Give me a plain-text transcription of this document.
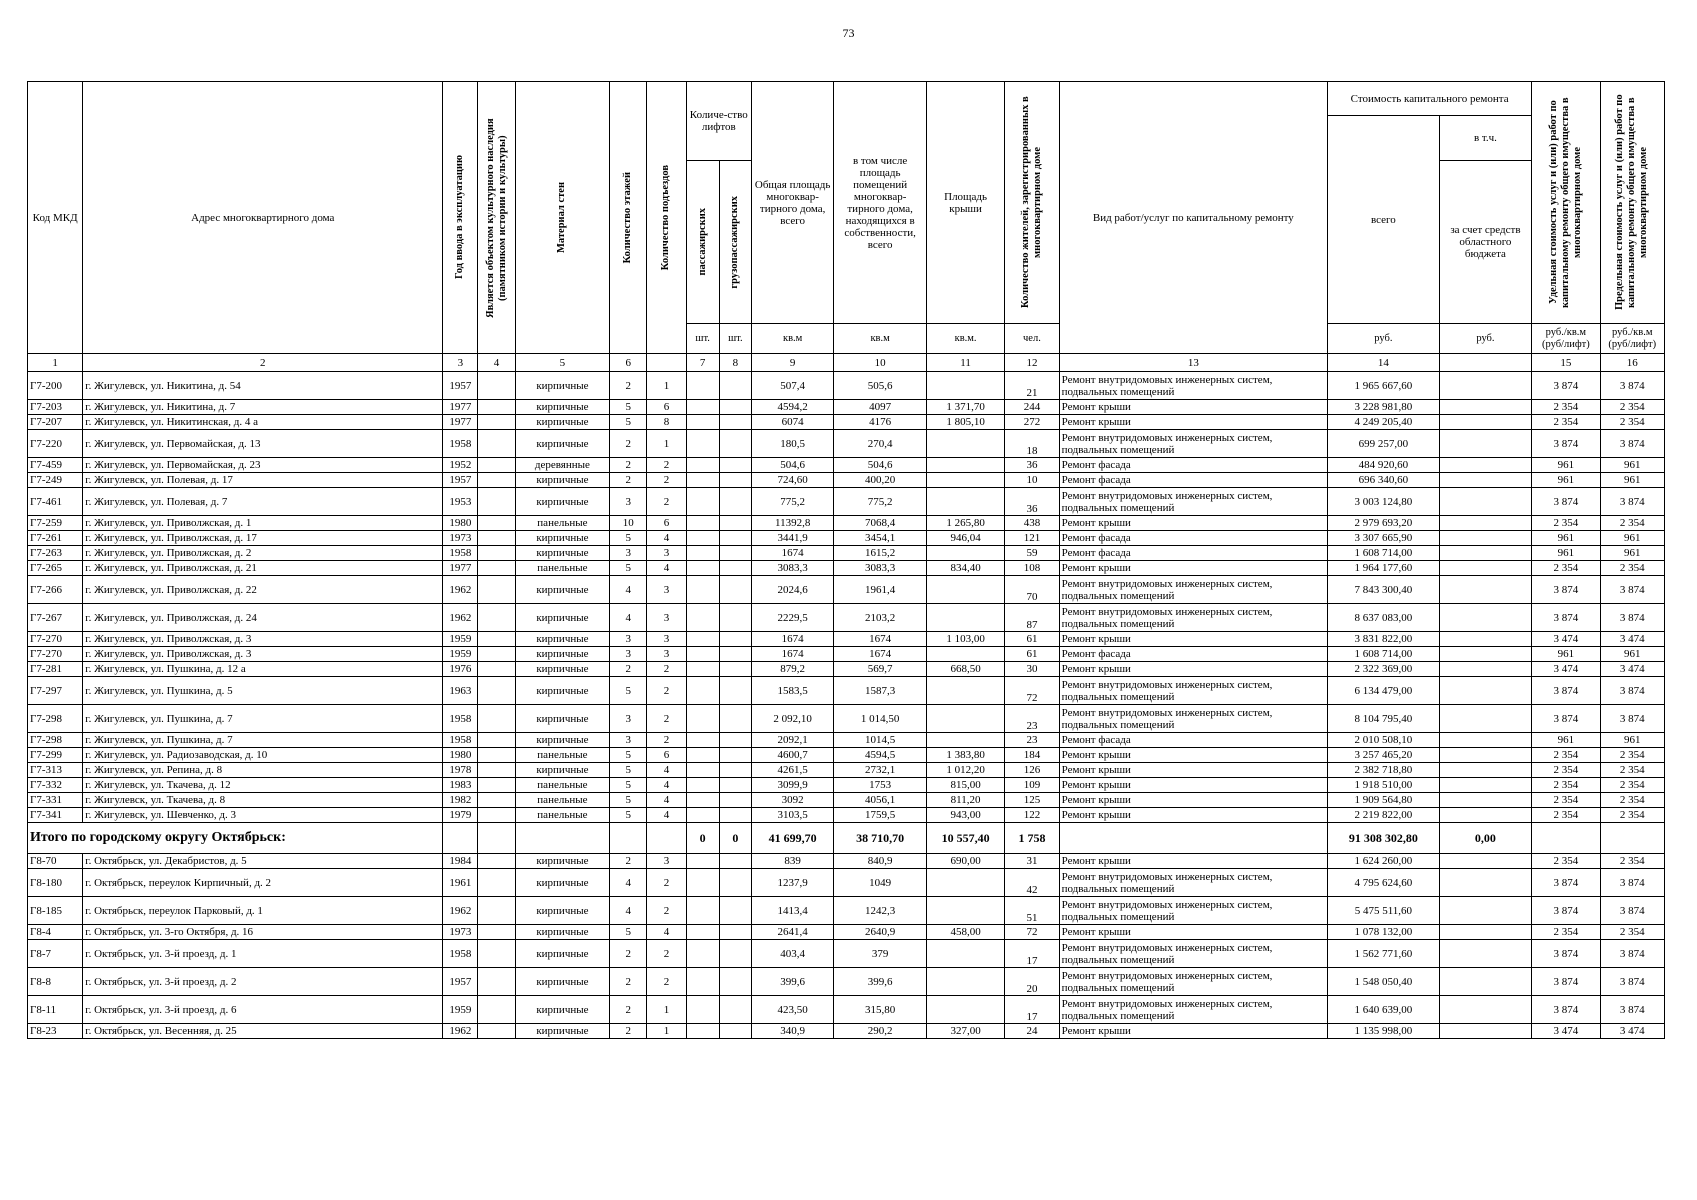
73
Код МКД	Адрес многоквартирного дома	Год ввода в эксплуатацию	Является объектом культурного наследия (памятником истории и культуры)	Материал стен	Количество этажей	Количество подъездов	Количе-ство лифтов		Общая площадь многоквар-тирного дома, всего	в том числе площадь помещений многоквар-тирного дома, находящихся в собственности, всего	Площадь крыши	Количество жителей, зарегистрированных в многоквартирном доме	Вид работ/услуг по капитальному ремонту	Стоимость капитального ремонта		Удельная стоимость услуг и (или) работ по капитальному ремонту общего имущества в многоквартирном доме	Предельная стоимость услуг и (или) работ по капитальному ремонту общего имущества в многоквартирном доме

														всего	в т.ч.		

							пассажирских	грузопассажирских							за счет средств областного бюджета		
							шт.	шт.	кв.м	кв.м	кв.м.	чел.		руб.	руб.	руб./кв.м (руб/лифт)	руб./кв.м (руб/лифт)
1	2	3	4	5	6		7	8	9	10	11	12	13	14		15	16
Г7-200	г. Жигулевск, ул. Никитина, д. 54	1957		кирпичные	2	1			507,4	505,6		21	Ремонт внутридомовых инженерных систем, подвальных помещений	1 965 667,60		3 874	3 874
Г7-203	г. Жигулевск, ул. Никитина, д. 7	1977		кирпичные	5	6			4594,2	4097	1 371,70	244	Ремонт крыши	3 228 981,80		2 354	2 354
Г7-207	г. Жигулевск, ул. Никитинская, д. 4 а	1977		кирпичные	5	8			6074	4176	1 805,10	272	Ремонт крыши	4 249 205,40		2 354	2 354
Г7-220	г. Жигулевск, ул. Первомайская, д. 13	1958		кирпичные	2	1			180,5	270,4		18	Ремонт внутридомовых инженерных систем, подвальных помещений	699 257,00		3 874	3 874
Г7-459	г. Жигулевск, ул. Первомайская, д. 23	1952		деревянные	2	2			504,6	504,6		36	Ремонт фасада	484 920,60		961	961
Г7-249	г. Жигулевск, ул. Полевая, д. 17	1957		кирпичные	2	2			724,60	400,20		10	Ремонт фасада	696 340,60		961	961
Г7-461	г. Жигулевск, ул. Полевая, д. 7	1953		кирпичные	3	2			775,2	775,2		36	Ремонт внутридомовых инженерных систем, подвальных помещений	3 003 124,80		3 874	3 874
Г7-259	г. Жигулевск, ул. Приволжская, д. 1	1980		панельные	10	6			11392,8	7068,4	1 265,80	438	Ремонт крыши	2 979 693,20		2 354	2 354
Г7-261	г. Жигулевск, ул. Приволжская, д. 17	1973		кирпичные	5	4			3441,9	3454,1	946,04	121	Ремонт фасада	3 307 665,90		961	961
Г7-263	г. Жигулевск, ул. Приволжская, д. 2	1958		кирпичные	3	3			1674	1615,2		59	Ремонт фасада	1 608 714,00		961	961
Г7-265	г. Жигулевск, ул. Приволжская, д. 21	1977		панельные	5	4			3083,3	3083,3	834,40	108	Ремонт крыши	1 964 177,60		2 354	2 354
Г7-266	г. Жигулевск, ул. Приволжская, д. 22	1962		кирпичные	4	3			2024,6	1961,4		70	Ремонт внутридомовых инженерных систем, подвальных помещений	7 843 300,40		3 874	3 874
Г7-267	г. Жигулевск, ул. Приволжская, д. 24	1962		кирпичные	4	3			2229,5	2103,2		87	Ремонт внутридомовых инженерных систем, подвальных помещений	8 637 083,00		3 874	3 874
Г7-270	г. Жигулевск, ул. Приволжская, д. 3	1959		кирпичные	3	3			1674	1674	1 103,00	61	Ремонт крыши	3 831 822,00		3 474	3 474
Г7-270	г. Жигулевск, ул. Приволжская, д. 3	1959		кирпичные	3	3			1674	1674		61	Ремонт фасада	1 608 714,00		961	961
Г7-281	г. Жигулевск, ул. Пушкина, д. 12 а	1976		кирпичные	2	2			879,2	569,7	668,50	30	Ремонт крыши	2 322 369,00		3 474	3 474
Г7-297	г. Жигулевск, ул. Пушкина, д. 5	1963		кирпичные	5	2			1583,5	1587,3		72	Ремонт внутридомовых инженерных систем, подвальных помещений	6 134 479,00		3 874	3 874
Г7-298	г. Жигулевск, ул. Пушкина, д. 7	1958		кирпичные	3	2			2 092,10	1 014,50		23	Ремонт внутридомовых инженерных систем, подвальных помещений	8 104 795,40		3 874	3 874
Г7-298	г. Жигулевск, ул. Пушкина, д. 7	1958		кирпичные	3	2			2092,1	1014,5		23	Ремонт фасада	2 010 508,10		961	961
Г7-299	г. Жигулевск, ул. Радиозаводская, д. 10	1980		панельные	5	6			4600,7	4594,5	1 383,80	184	Ремонт крыши	3 257 465,20		2 354	2 354
Г7-313	г. Жигулевск, ул. Репина, д. 8	1978		кирпичные	5	4			4261,5	2732,1	1 012,20	126	Ремонт крыши	2 382 718,80		2 354	2 354
Г7-332	г. Жигулевск, ул. Ткачева, д. 12	1983		панельные	5	4			3099,9	1753	815,00	109	Ремонт крыши	1 918 510,00		2 354	2 354
Г7-331	г. Жигулевск, ул. Ткачева, д. 8	1982		панельные	5	4			3092	4056,1	811,20	125	Ремонт крыши	1 909 564,80		2 354	2 354
Г7-341	г. Жигулевск, ул. Шевченко, д. 3	1979		панельные	5	4			3103,5	1759,5	943,00	122	Ремонт крыши	2 219 822,00		2 354	2 354
Итого по городскому округу Октябрьск:							0	0	41 699,70	38 710,70	10 557,40	1 758		91 308 302,80	0,00		
Г8-70	г. Октябрьск, ул. Декабристов, д. 5	1984		кирпичные	2	3			839	840,9	690,00	31	Ремонт крыши	1 624 260,00		2 354	2 354
Г8-180	г. Октябрьск, переулок Кирпичный, д. 2	1961		кирпичные	4	2			1237,9	1049		42	Ремонт внутридомовых инженерных систем, подвальных помещений	4 795 624,60		3 874	3 874
Г8-185	г. Октябрьск, переулок Парковый, д. 1	1962		кирпичные	4	2			1413,4	1242,3		51	Ремонт внутридомовых инженерных систем, подвальных помещений	5 475 511,60		3 874	3 874
Г8-4	г. Октябрьск, ул. 3-го Октября, д. 16	1973		кирпичные	5	4			2641,4	2640,9	458,00	72	Ремонт крыши	1 078 132,00		2 354	2 354
Г8-7	г. Октябрьск, ул. 3-й проезд, д. 1	1958		кирпичные	2	2			403,4	379		17	Ремонт внутридомовых инженерных систем, подвальных помещений	1 562 771,60		3 874	3 874
Г8-8	г. Октябрьск, ул. 3-й проезд, д. 2	1957		кирпичные	2	2			399,6	399,6		20	Ремонт внутридомовых инженерных систем, подвальных помещений	1 548 050,40		3 874	3 874
Г8-11	г. Октябрьск, ул. 3-й проезд, д. 6	1959		кирпичные	2	1			423,50	315,80		17	Ремонт внутридомовых инженерных систем, подвальных помещений	1 640 639,00		3 874	3 874
Г8-23	г. Октябрьск, ул. Весенняя, д. 25	1962		кирпичные	2	1			340,9	290,2	327,00	24	Ремонт крыши	1 135 998,00		3 474	3 474
